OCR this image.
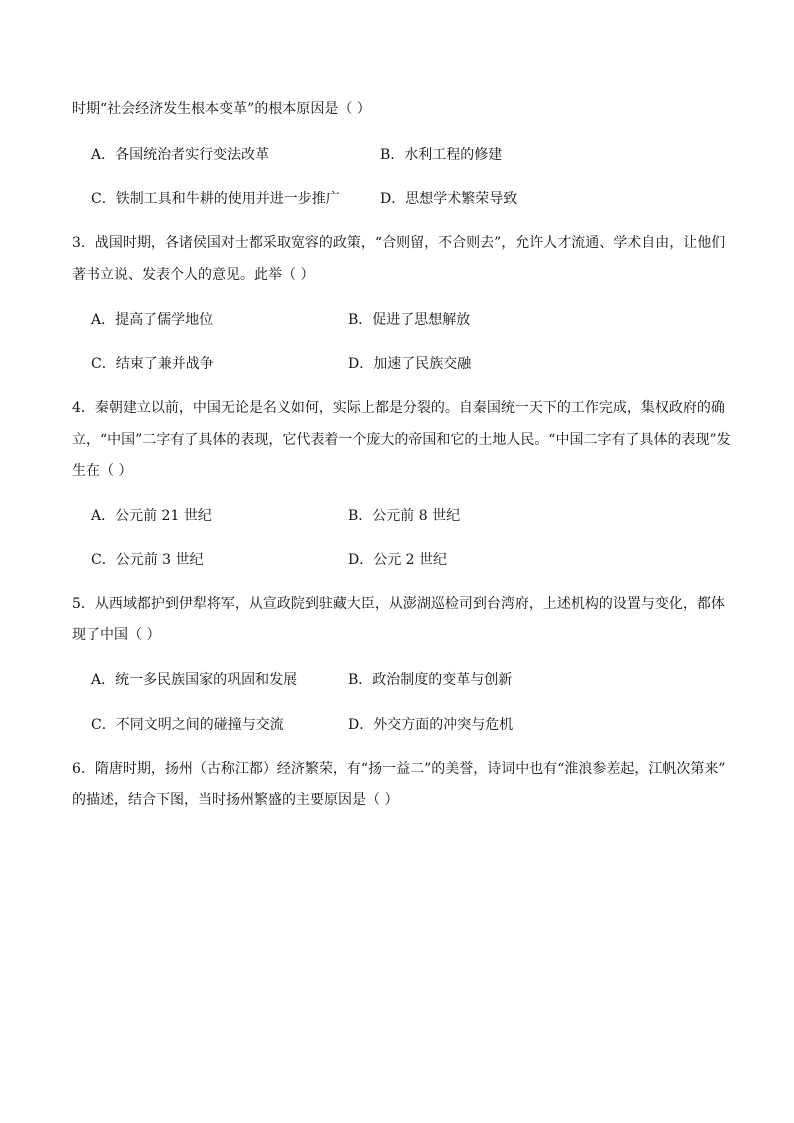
时期“社会经济发生根本变革”的根本原因是（ ）
A．各国统治者实行变法改革	B．水利工程的修建
C．铁制工具和牛耕的使用并进一步推广	D．思想学术繁荣导致
3．战国时期，各诸侯国对士都采取宽容的政策，“合则留，不合则去”，允许人才流通、学术自由，让他们
著书立说、发表个人的意见。此举（ ）
A．提高了儒学地位	B．促进了思想解放
C．结束了兼并战争	D．加速了民族交融
4．秦朝建立以前，中国无论是名义如何，实际上都是分裂的。自秦国统一天下的工作完成，集权政府的确
立，“中国”二字有了具体的表现，它代表着一个庞大的帝国和它的土地人民。“中国二字有了具体的表现”发
生在（ ）
A．公元前 21 世纪	B．公元前 8 世纪
C．公元前 3 世纪	D．公元 2 世纪
5．从西域都护到伊犁将军，从宣政院到驻藏大臣，从澎湖巡检司到台湾府，上述机构的设置与变化，都体
现了中国（ ）
A．统一多民族国家的巩固和发展	B．政治制度的变革与创新
C．不同文明之间的碰撞与交流	D．外交方面的冲突与危机
6．隋唐时期，扬州（古称江都）经济繁荣，有“扬一益二”的美誉，诗词中也有“淮浪参差起，江帆次第来”
的描述，结合下图，当时扬州繁盛的主要原因是（ ）
